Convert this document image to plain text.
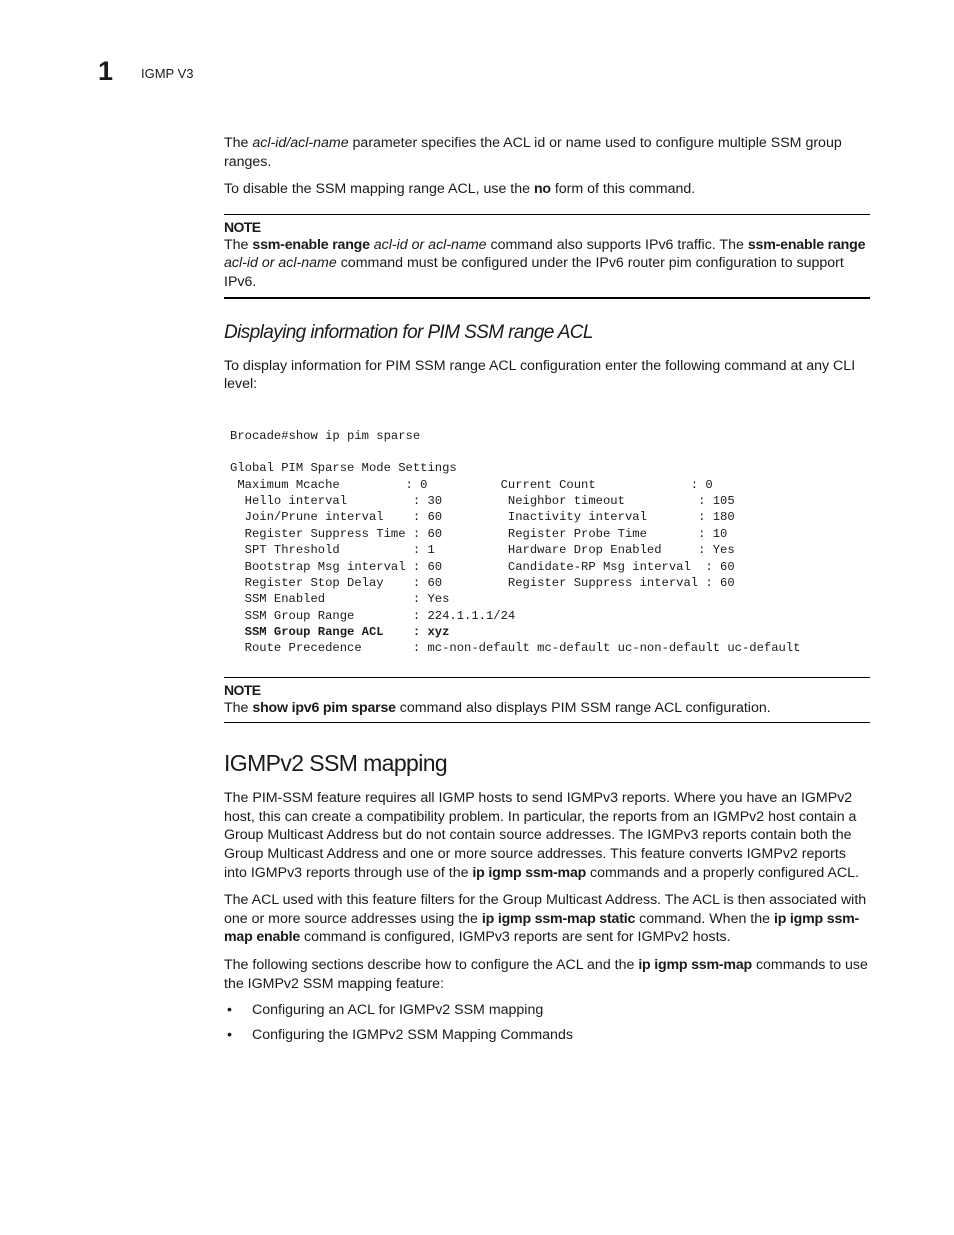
1 IGMP V3

The acl-id/acl-name parameter specifies the ACL id or name used to configure multiple SSM group ranges.

To disable the SSM mapping range ACL, use the no form of this command.

NOTE

The ssm-enable range acl-id or acl-name command also supports IPv6 traffic. The ssm-enable range acl-id or acl-name command must be configured under the IPv6 router pim configuration to support IPv6.

Displaying information for PIM SSM range ACL

To display information for PIM SSM range ACL configuration enter the following command at any CLI level:

Brocade#show ip pim sparse
Global PIM Sparse Mode Settings
Maximum Mcache         : 0          Current Count             : 0
Hello interval         : 30         Neighbor timeout          : 105
Join/Prune interval    : 60         Inactivity interval       : 180
Register Suppress Time : 60         Register Probe Time       : 10
SPT Threshold          : 1          Hardware Drop Enabled     : Yes
Bootstrap Msg interval : 60         Candidate-RP Msg interval  : 60
Register Stop Delay    : 60         Register Suppress interval : 60
SSM Enabled            : Yes
SSM Group Range        : 224.1.1.1/24
SSM Group Range ACL    : xyz
Route Precedence       : mc-non-default mc-default uc-non-default uc-default
NOTE

The show ipv6 pim sparse command also displays PIM SSM range ACL configuration.

IGMPv2 SSM mapping

The PIM-SSM feature requires all IGMP hosts to send IGMPv3 reports. Where you have an IGMPv2 host, this can create a compatibility problem. In particular, the reports from an IGMPv2 host contain a Group Multicast Address but do not contain source addresses. The IGMPv3 reports contain both the Group Multicast Address and one or more source addresses. This feature converts IGMPv2 reports into IGMPv3 reports through use of the ip igmp ssm-map commands and a properly configured ACL.

The ACL used with this feature filters for the Group Multicast Address. The ACL is then associated with one or more source addresses using the ip igmp ssm-map static command. When the ip igmp ssm-map enable command is configured, IGMPv3 reports are sent for IGMPv2 hosts.

The following sections describe how to configure the ACL and the ip igmp ssm-map commands to use the IGMPv2 SSM mapping feature:

• Configuring an ACL for IGMPv2 SSM mapping
• Configuring the IGMPv2 SSM Mapping Commands
